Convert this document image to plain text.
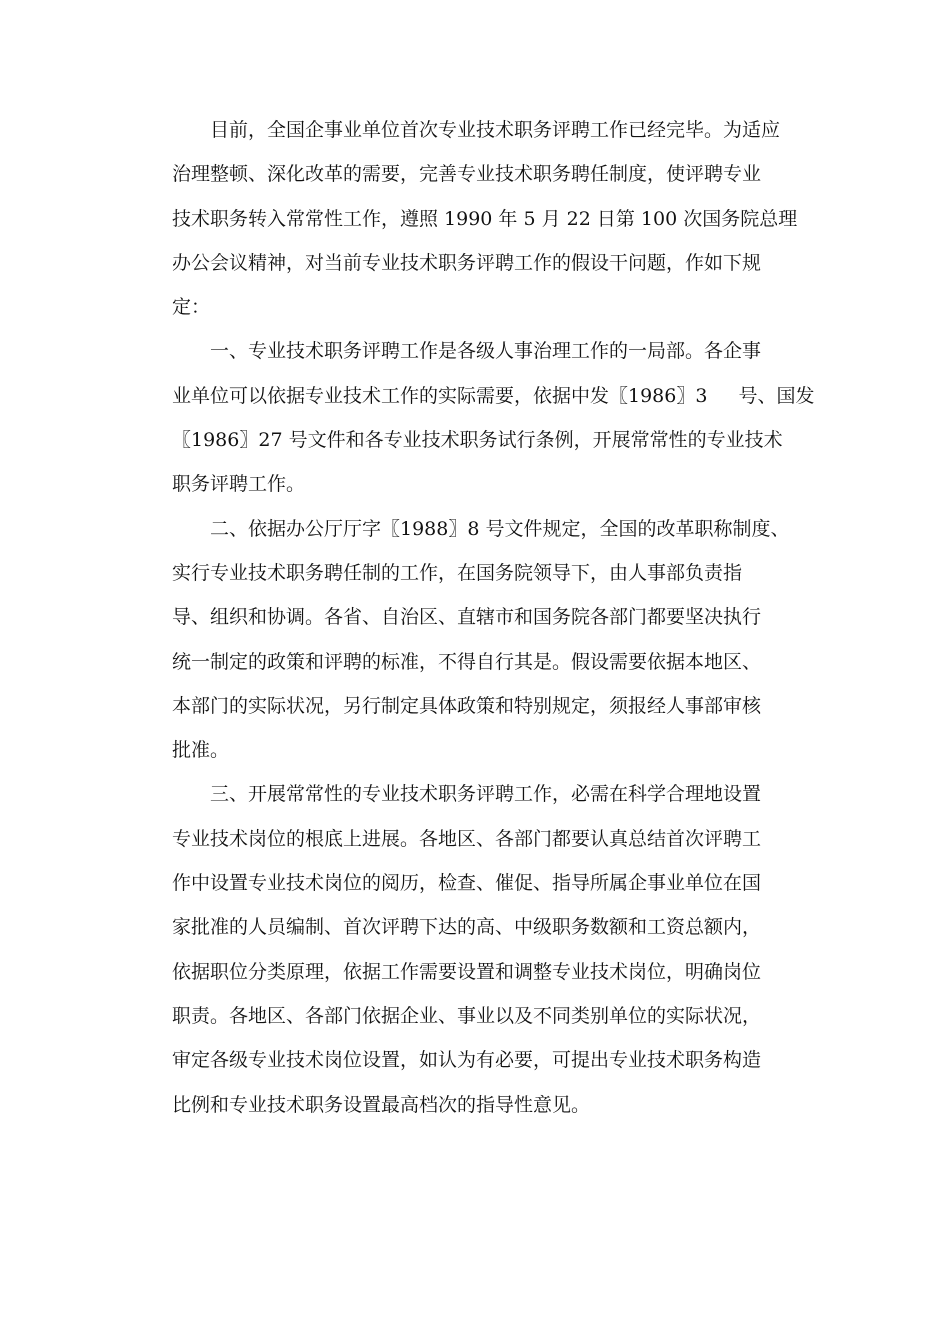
目前，全国企事业单位首次专业技术职务评聘工作已经完毕。为适应
治理整顿、深化改革的需要，完善专业技术职务聘任制度，使评聘专业
技术职务转入常常性工作，遵照 1990 年 5 月 22 日第 100 次国务院总理
办公会议精神，对当前专业技术职务评聘工作的假设干问题，作如下规
定：
一、专业技术职务评聘工作是各级人事治理工作的一局部。各企事
业单位可以依据专业技术工作的实际需要，依据中发〖1986〗3　  号、国发
〖1986〗27 号文件和各专业技术职务试行条例，开展常常性的专业技术
职务评聘工作。
二、依据办公厅厅字〖1988〗8 号文件规定，全国的改革职称制度、
实行专业技术职务聘任制的工作，在国务院领导下，由人事部负责指
导、组织和协调。各省、自治区、直辖市和国务院各部门都要坚决执行
统一制定的政策和评聘的标准，不得自行其是。假设需要依据本地区、
本部门的实际状况，另行制定具体政策和特别规定，须报经人事部审核
批准。
三、开展常常性的专业技术职务评聘工作，必需在科学合理地设置
专业技术岗位的根底上进展。各地区、各部门都要认真总结首次评聘工
作中设置专业技术岗位的阅历，检查、催促、指导所属企事业单位在国
家批准的人员编制、首次评聘下达的高、中级职务数额和工资总额内，
依据职位分类原理，依据工作需要设置和调整专业技术岗位，明确岗位
职责。各地区、各部门依据企业、事业以及不同类别单位的实际状况，
审定各级专业技术岗位设置，如认为有必要，可提出专业技术职务构造
比例和专业技术职务设置最高档次的指导性意见。
